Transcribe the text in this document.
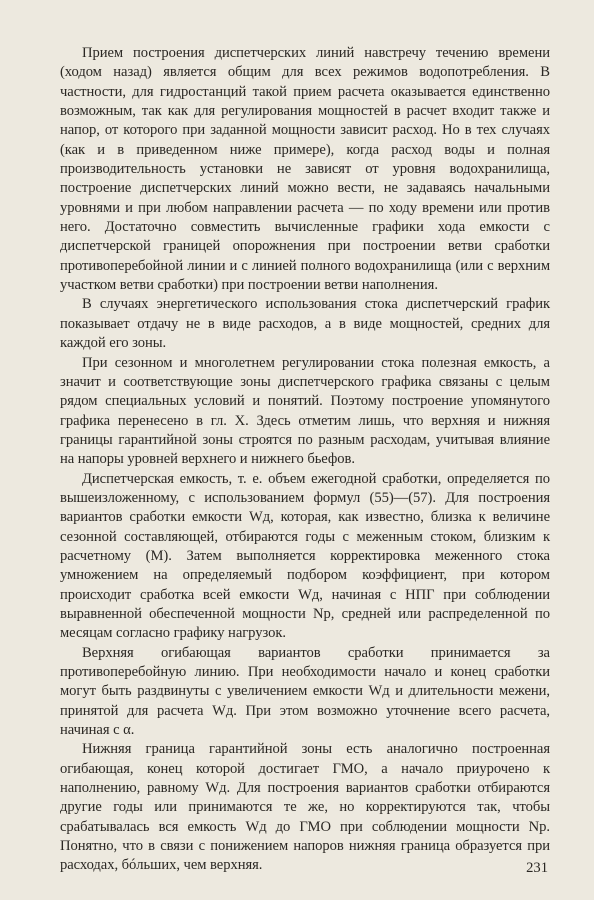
Прием построения диспетчерских линий навстречу течению времени (ходом назад) является общим для всех режимов водопотребления. В частности, для гидростанций такой прием расчета оказывается единственно возможным, так как для регулирования мощностей в расчет входит также и напор, от которого при заданной мощности зависит расход. Но в тех случаях (как и в приведенном ниже примере), когда расход воды и полная производительность установки не зависят от уровня водохранилища, построение диспетчерских линий можно вести, не задаваясь начальными уровнями и при любом направлении расчета — по ходу времени или против него. Достаточно совместить вычисленные графики хода емкости с диспетчерской границей опорожнения при построении ветви сработки противоперебойной линии и с линией полного водохранилища (или с верхним участком ветви сработки) при построении ветви наполнения.

В случаях энергетического использования стока диспетчерский график показывает отдачу не в виде расходов, а в виде мощностей, средних для каждой его зоны.

При сезонном и многолетнем регулировании стока полезная емкость, а значит и соответствующие зоны диспетчерского графика связаны с целым рядом специальных условий и понятий. Поэтому построение упомянутого графика перенесено в гл. X. Здесь отметим лишь, что верхняя и нижняя границы гарантийной зоны строятся по разным расходам, учитывая влияние на напоры уровней верхнего и нижнего бьефов.

Диспетчерская емкость, т. е. объем ежегодной сработки, определяется по вышеизложенному, с использованием формул (55)—(57). Для построения вариантов сработки емкости Wд, которая, как известно, близка к величине сезонной составляющей, отбираются годы с меженным стоком, близким к расчетному (M). Затем выполняется корректировка меженного стока умножением на определяемый подбором коэффициент, при котором происходит сработка всей емкости Wд, начиная с НПГ при соблюдении выравненной обеспеченной мощности Nр, средней или распределенной по месяцам согласно графику нагрузок.

Верхняя огибающая вариантов сработки принимается за противоперебойную линию. При необходимости начало и конец сработки могут быть раздвинуты с увеличением емкости Wд и длительности межени, принятой для расчета Wд. При этом возможно уточнение всего расчета, начиная с α.

Нижняя граница гарантийной зоны есть аналогично построенная огибающая, конец которой достигает ГМО, а начало приурочено к наполнению, равному Wд. Для построения вариантов сработки отбираются другие годы или принимаются те же, но корректируются так, чтобы срабатывалась вся емкость Wд до ГМО при соблюдении мощности Nр. Понятно, что в связи с понижением напоров нижняя граница образуется при расходах, бóльших, чем верхняя.	231
